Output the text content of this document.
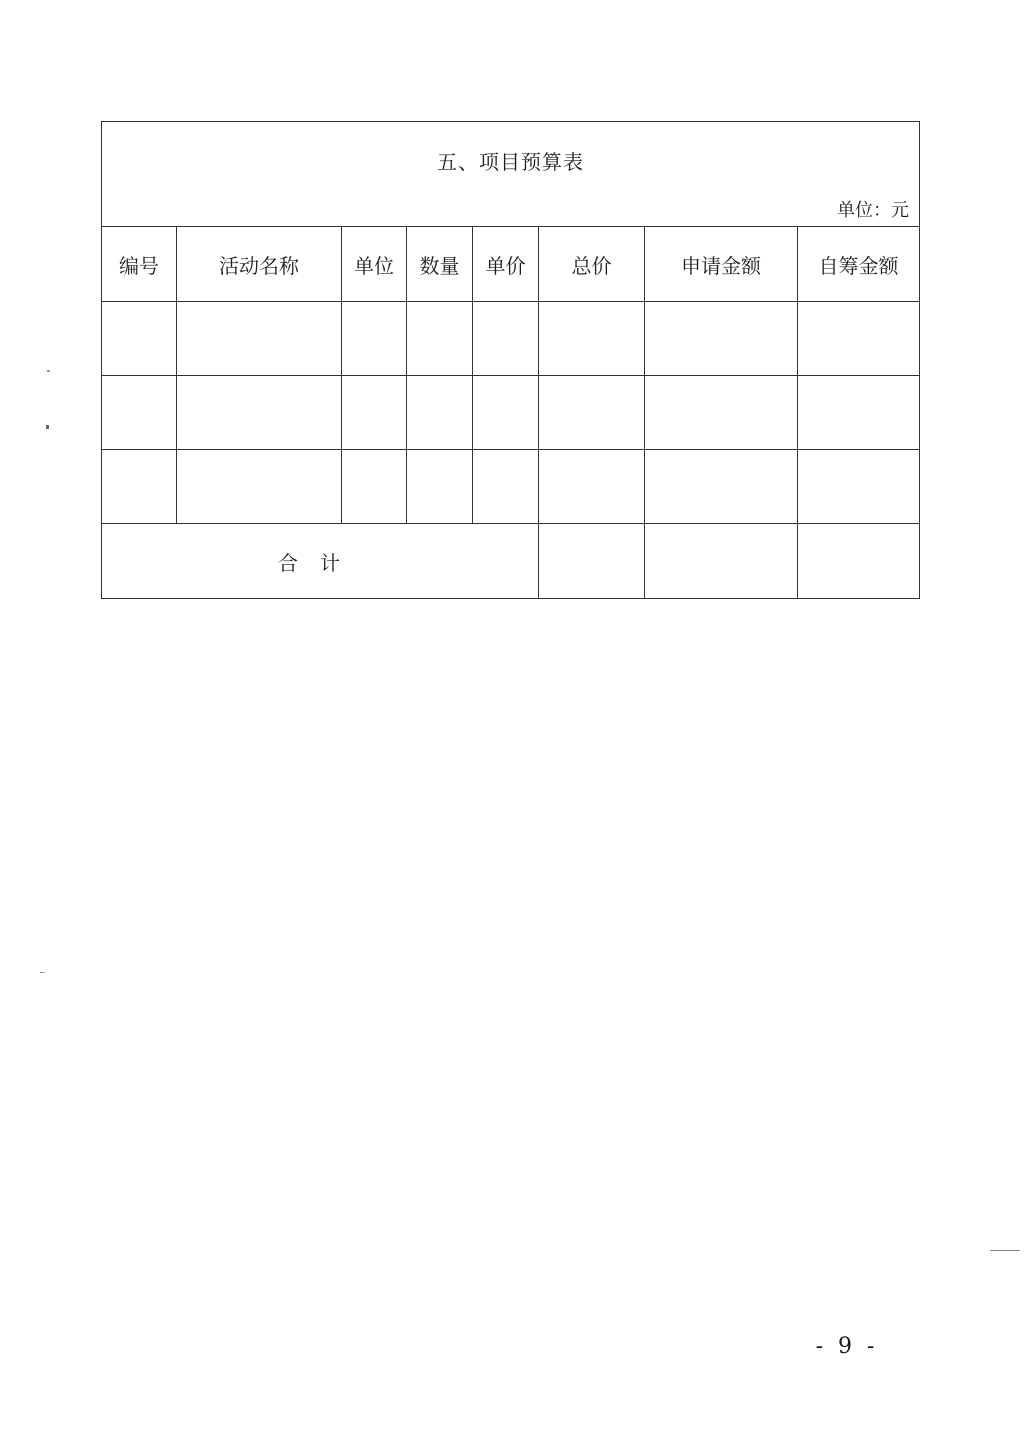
五、项目预算表
单位：元							

编号	活动名称	单位	数量	单价	总价	申请金额	自筹金额

合计							
- 9 -
